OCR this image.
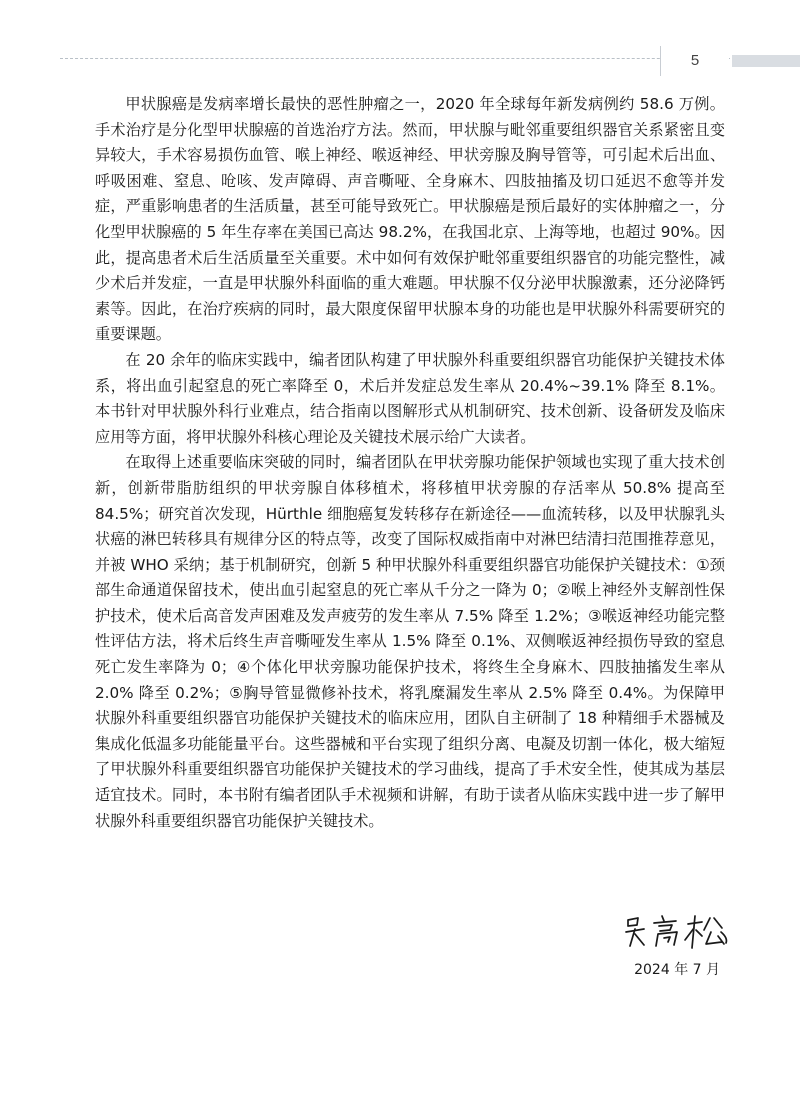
5

甲状腺癌是发病率增长最快的恶性肿瘤之一，2020 年全球每年新发病例约 58.6 万例。手术治疗是分化型甲状腺癌的首选治疗方法。然而，甲状腺与毗邻重要组织器官关系紧密且变异较大，手术容易损伤血管、喉上神经、喉返神经、甲状旁腺及胸导管等，可引起术后出血、呼吸困难、窒息、呛咳、发声障碍、声音嘶哑、全身麻木、四肢抽搐及切口延迟不愈等并发症，严重影响患者的生活质量，甚至可能导致死亡。甲状腺癌是预后最好的实体肿瘤之一，分化型甲状腺癌的 5 年生存率在美国已高达 98.2%，在我国北京、上海等地，也超过 90%。因此，提高患者术后生活质量至关重要。术中如何有效保护毗邻重要组织器官的功能完整性，减少术后并发症，一直是甲状腺外科面临的重大难题。甲状腺不仅分泌甲状腺激素，还分泌降钙素等。因此，在治疗疾病的同时，最大限度保留甲状腺本身的功能也是甲状腺外科需要研究的重要课题。

在 20 余年的临床实践中，编者团队构建了甲状腺外科重要组织器官功能保护关键技术体系，将出血引起窒息的死亡率降至 0，术后并发症总发生率从 20.4%~39.1% 降至 8.1%。本书针对甲状腺外科行业难点，结合指南以图解形式从机制研究、技术创新、设备研发及临床应用等方面，将甲状腺外科核心理论及关键技术展示给广大读者。

在取得上述重要临床突破的同时，编者团队在甲状旁腺功能保护领域也实现了重大技术创新，创新带脂肪组织的甲状旁腺自体移植术，将移植甲状旁腺的存活率从 50.8% 提高至 84.5%；研究首次发现，Hürthle 细胞癌复发转移存在新途径——血流转移，以及甲状腺乳头状癌的淋巴转移具有规律分区的特点等，改变了国际权威指南中对淋巴结清扫范围推荐意见，并被 WHO 采纳；基于机制研究，创新 5 种甲状腺外科重要组织器官功能保护关键技术：①颈部生命通道保留技术，使出血引起窒息的死亡率从千分之一降为 0；②喉上神经外支解剖性保护技术，使术后高音发声困难及发声疲劳的发生率从 7.5% 降至 1.2%；③喉返神经功能完整性评估方法，将术后终生声音嘶哑发生率从 1.5% 降至 0.1%、双侧喉返神经损伤导致的窒息死亡发生率降为 0；④个体化甲状旁腺功能保护技术，将终生全身麻木、四肢抽搐发生率从 2.0% 降至 0.2%；⑤胸导管显微修补技术，将乳糜漏发生率从 2.5% 降至 0.4%。为保障甲状腺外科重要组织器官功能保护关键技术的临床应用，团队自主研制了 18 种精细手术器械及集成化低温多功能能量平台。这些器械和平台实现了组织分离、电凝及切割一体化，极大缩短了甲状腺外科重要组织器官功能保护关键技术的学习曲线，提高了手术安全性，使其成为基层适宜技术。同时，本书附有编者团队手术视频和讲解，有助于读者从临床实践中进一步了解甲状腺外科重要组织器官功能保护关键技术。

2024 年 7 月
